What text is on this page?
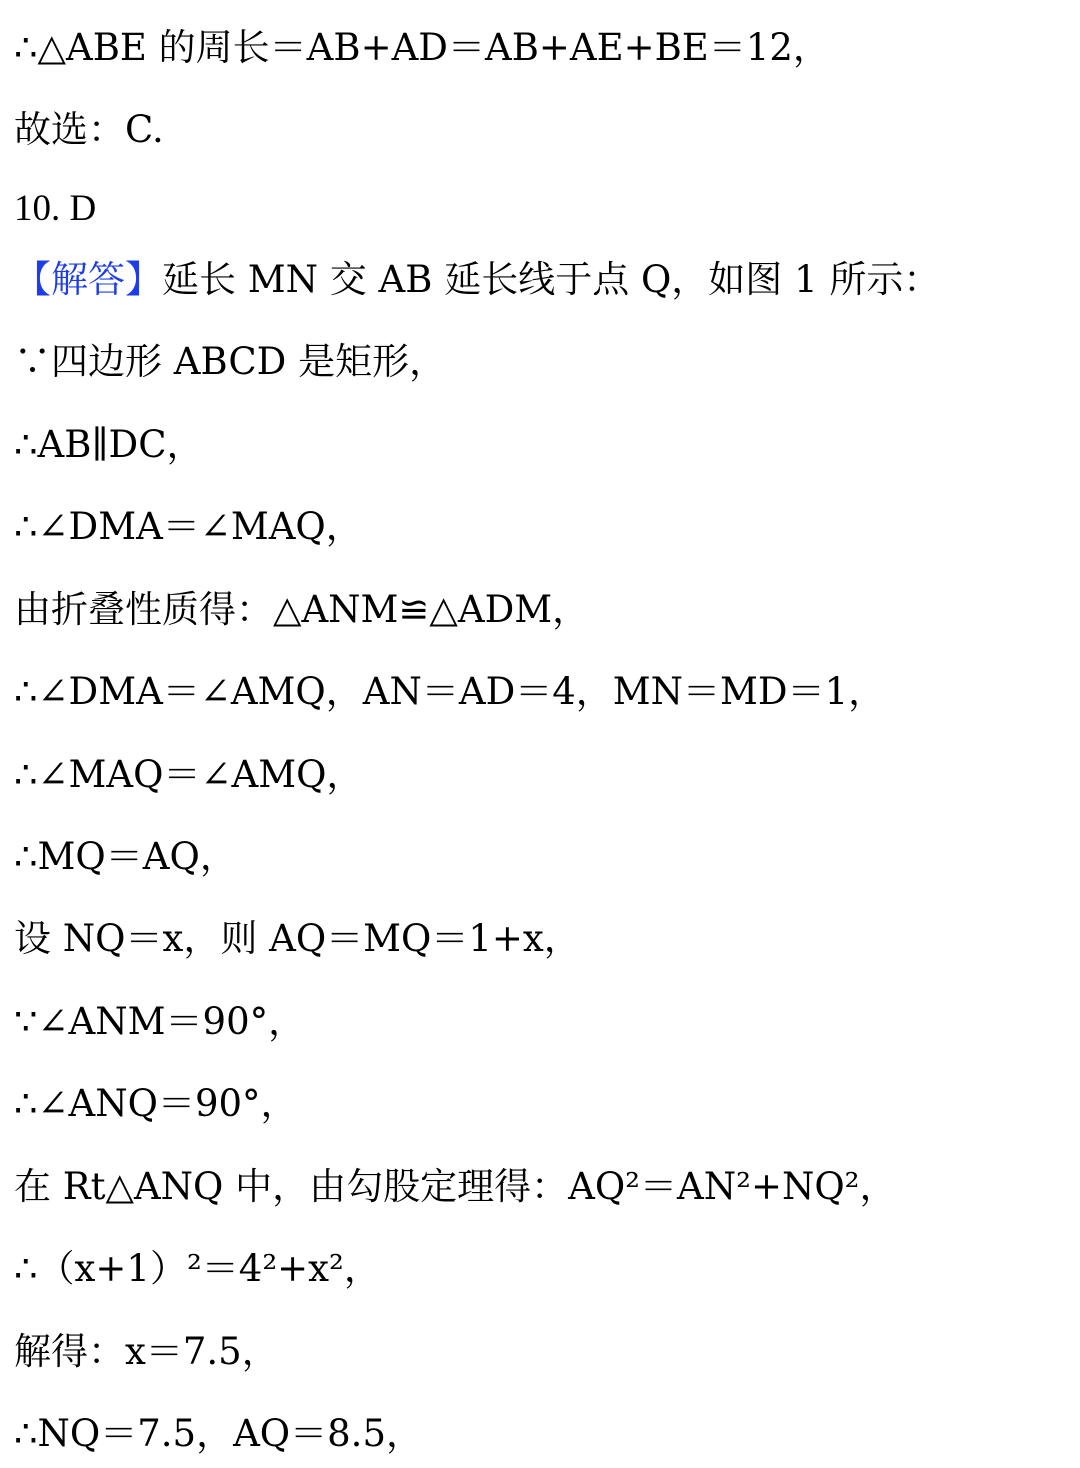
∴△ABE 的周长＝AB+AD＝AB+AE+BE＝12，
故选：C.
10. D
【解答】延长 MN 交 AB 延长线于点 Q，如图 1 所示：
∵四边形 ABCD 是矩形，
∴AB∥DC，
∴∠DMA＝∠MAQ，
由折叠性质得：△ANM≌△ADM，
∴∠DMA＝∠AMQ，AN＝AD＝4，MN＝MD＝1，
∴∠MAQ＝∠AMQ，
∴MQ＝AQ，
设 NQ＝x，则 AQ＝MQ＝1+x，
∵∠ANM＝90°，
∴∠ANQ＝90°，
在 Rt△ANQ 中，由勾股定理得：AQ²＝AN²+NQ²，
∴（x+1）²＝4²+x²，
解得：x＝7.5，
∴NQ＝7.5，AQ＝8.5，
